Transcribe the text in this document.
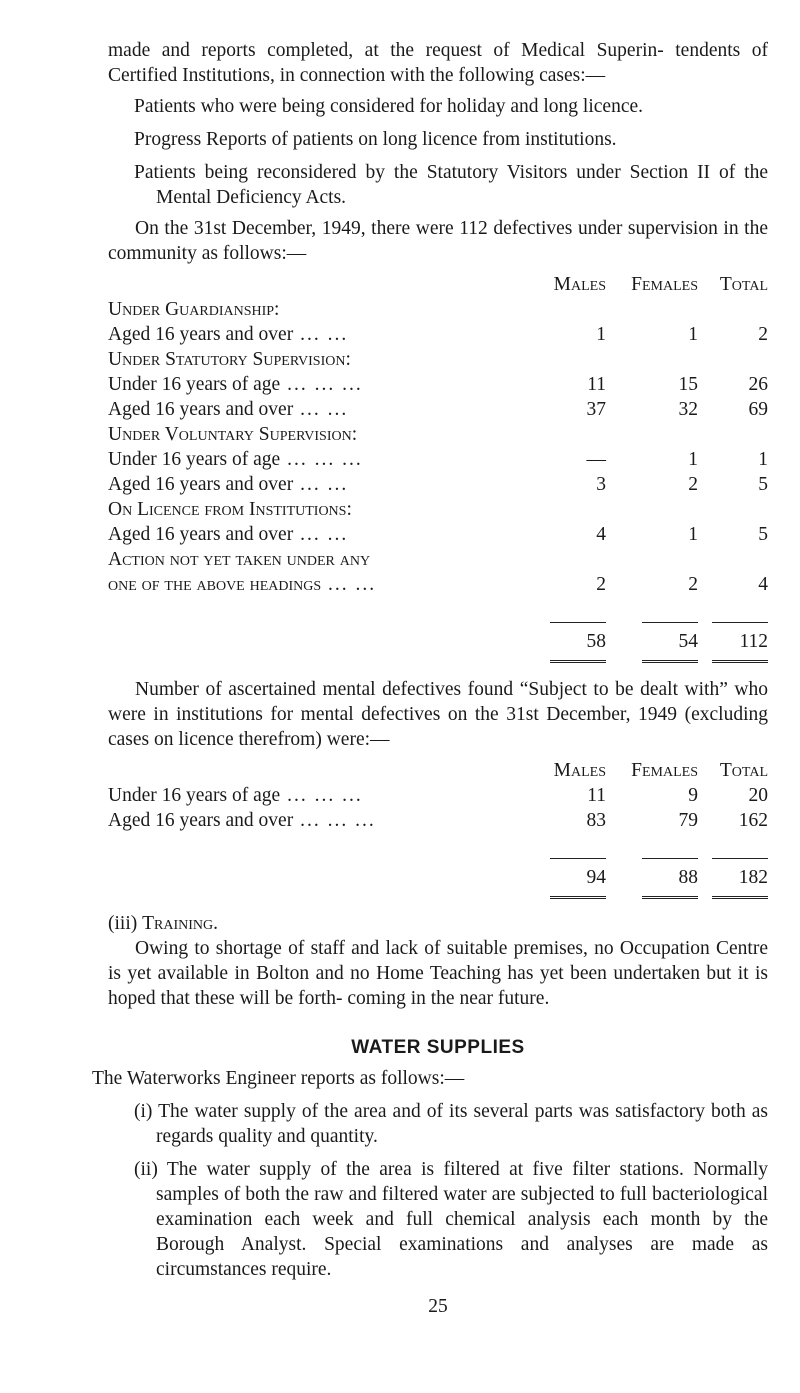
made and reports completed, at the request of Medical Superin- tendents of Certified Institutions, in connection with the following cases:—

Patients who were being considered for holiday and long licence.

Progress Reports of patients on long licence from institutions.

Patients being reconsidered by the Statutory Visitors under Section II of the Mental Deficiency Acts.

On the 31st December, 1949, there were 112 defectives under supervision in the community as follows:—

	Males	Females	Total
Under Guardianship:			
Aged 16 years and over ... ...	1	1	2
Under Statutory Supervision:			
Under 16 years of age ... ... ...	11	15	26
Aged 16 years and over ... ...	37	32	69
Under Voluntary Supervision:			
Under 16 years of age ... ... ...	—	1	1
Aged 16 years and over ... ...	3	2	5
On Licence from Institutions:			
Aged 16 years and over ... ...	4	1	5
Action not yet taken under any			
one of the above headings ... ...	2	2	4

	58	54	112

Number of ascertained mental defectives found “Subject to be dealt with” who were in institutions for mental defectives on the 31st December, 1949 (excluding cases on licence therefrom) were:—

	Males	Females	Total
Under 16 years of age ... ... ...	11	9	20
Aged 16 years and over ... ... ...	83	79	162

	94	88	182

(iii) Training.

Owing to shortage of staff and lack of suitable premises, no Occupation Centre is yet available in Bolton and no Home Teaching has yet been undertaken but it is hoped that these will be forth- coming in the near future.

WATER SUPPLIES

The Waterworks Engineer reports as follows:—

(i) The water supply of the area and of its several parts was satisfactory both as regards quality and quantity.

(ii) The water supply of the area is filtered at five filter stations. Normally samples of both the raw and filtered water are subjected to full bacteriological examination each week and full chemical analysis each month by the Borough Analyst. Special examinations and analyses are made as circumstances require.

25
